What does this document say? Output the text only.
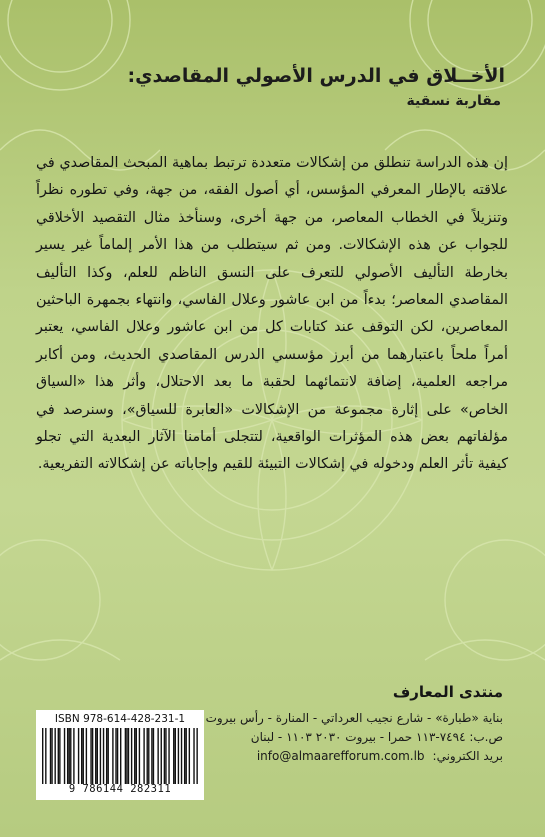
الأخــلاق في الدرس الأصولي المقاصدي:
مقاربة نسقية
إن هذه الدراسة تنطلق من إشكالات متعددة ترتبط بماهية المبحث المقاصدي في علاقته بالإطار المعرفي المؤسس، أي أصول الفقه، من جهة، وفي تطوره نظراً وتنزيلاً في الخطاب المعاصر، من جهة أخرى، وسنأخذ مثال التقصيد الأخلاقي للجواب عن هذه الإشكالات. ومن ثم سيتطلب من هذا الأمر إلماماً غير يسير بخارطة التأليف الأصولي للتعرف على النسق الناظم للعلم، وكذا التأليف المقاصدي المعاصر؛ بدءاً من ابن عاشور وعلال الفاسي، وانتهاء بجمهرة الباحثين المعاصرين، لكن التوقف عند كتابات كل من ابن عاشور وعلال الفاسي، يعتبر أمراً ملحاً باعتبارهما من أبرز مؤسسي الدرس المقاصدي الحديث، ومن أكابر مراجعه العلمية، إضافة لانتمائهما لحقبة ما بعد الاحتلال، وأثر هذا «السياق الخاص» على إثارة مجموعة من الإشكالات «العابرة للسياق»، وسنرصد في مؤلفاتهم بعض هذه المؤثرات الواقعية، لتتجلى أمامنا الآثار البعدية التي تجلو كيفية تأثر العلم ودخوله في إشكالات التبيئة للقيم وإجاباته عن إشكالاته التفريعية.
منتدى المعارف
بناية «طبارة» - شارع نجيب العرداتي - المنارة - رأس بيروت
ص.ب: ٧٤٩٤-١١٣ حمرا - بيروت ٢٠٣٠ ١١٠٣ - لبنان
بريد الكتروني:
info@almaarefforum.com.lb
ISBN 978-614-428-231-1
9 786144 282311
